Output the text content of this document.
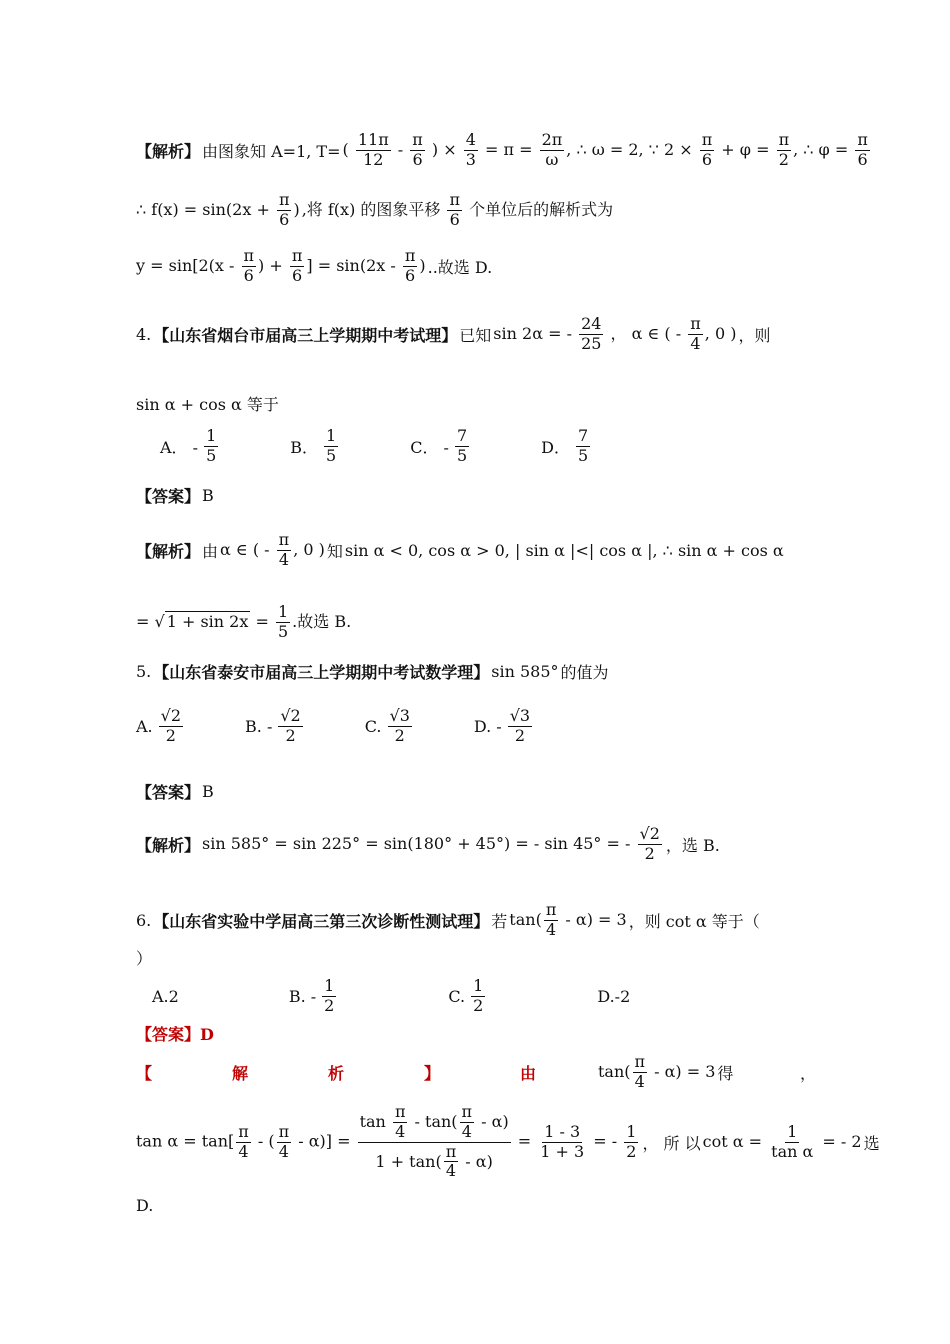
【解析】 由图象知 A=1, T= ( $\frac{11\pi}{12} - \frac{\pi}{6}$ ) × $\frac{4}{3} = \pi = \frac{2\pi}{\omega}$ , ∴ ω = 2, ∵ $2 \times \frac{\pi}{6} + \varphi = \frac{\pi}{2}$ , ∴ $\varphi = \frac{\pi}{6}$
∴ $f(x) = \sin(2x + \frac{\pi}{6}$ ) ,将 f(x) 的图象平移 $\frac{\pi}{6}$ 个单位后的解析式为
$y = \sin[2(x - \frac{\pi}{6}$ ) + $\frac{\pi}{6}$ ] = $\sin(2x - \frac{\pi}{6}$ ) ..故选 D.
4. 【山东省烟台市届高三上学期期中考试理】 已知 sin 2α = - $\frac{24}{25}$ ， α ∈ ( - $\frac{\pi}{4}$ , 0 ) ，则
sin α + cos α 等于
A． - $\frac{1}{5}$	B． $\frac{1}{5}$	C． - $\frac{7}{5}$	D． $\frac{7}{5}$
【答案】 B
【解析】 由 α ∈ ( - $\frac{\pi}{4}$ , 0 ) 知 sin α < 0, cos α > 0, | sin α |<| cos α |, ∴ sin α + cos α
= √ $1 + \sin 2x = \frac{1}{5}$ .故选 B.
5. 【山东省泰安市届高三上学期期中考试数学理】 sin 585° 的值为
A. $\frac{√2}{2}$	B. - $\frac{√2}{2}$	C. $\frac{√3}{2}$	D. - $\frac{√3}{2}$
【答案】 B
【解析】 sin 585° = sin 225° = sin(180° + 45°) = - sin 45° = - $\frac{√2}{2}$ ，选 B.
6. 【山东省实验中学届高三第三次诊断性测试理】 若 $\tan( \frac{\pi}{4} - \alpha) = 3$ ，则 cot α 等于（
）
A.2	B. - $\frac{1}{2}$	C. $\frac{1}{2}$	D.-2
【答案】D
【	解	析	】	由	$\tan( \frac{\pi}{4} - \alpha) = 3$ 得	，
$\tan \alpha = \tan[ \frac{\pi}{4}$ - ( $\frac{\pi}{4} - \alpha)] = \frac{\tan \frac{\pi}{4} - \tan( \frac{\pi}{4} - \alpha)}{1 + \tan( \frac{\pi}{4} - \alpha)} = \frac{1 - 3}{1 + 3}$ = - $\frac{1}{2}$ ， 所 以 $\cot \alpha = \frac{1}{\text{tan α}}$ = - 2 选
D.
